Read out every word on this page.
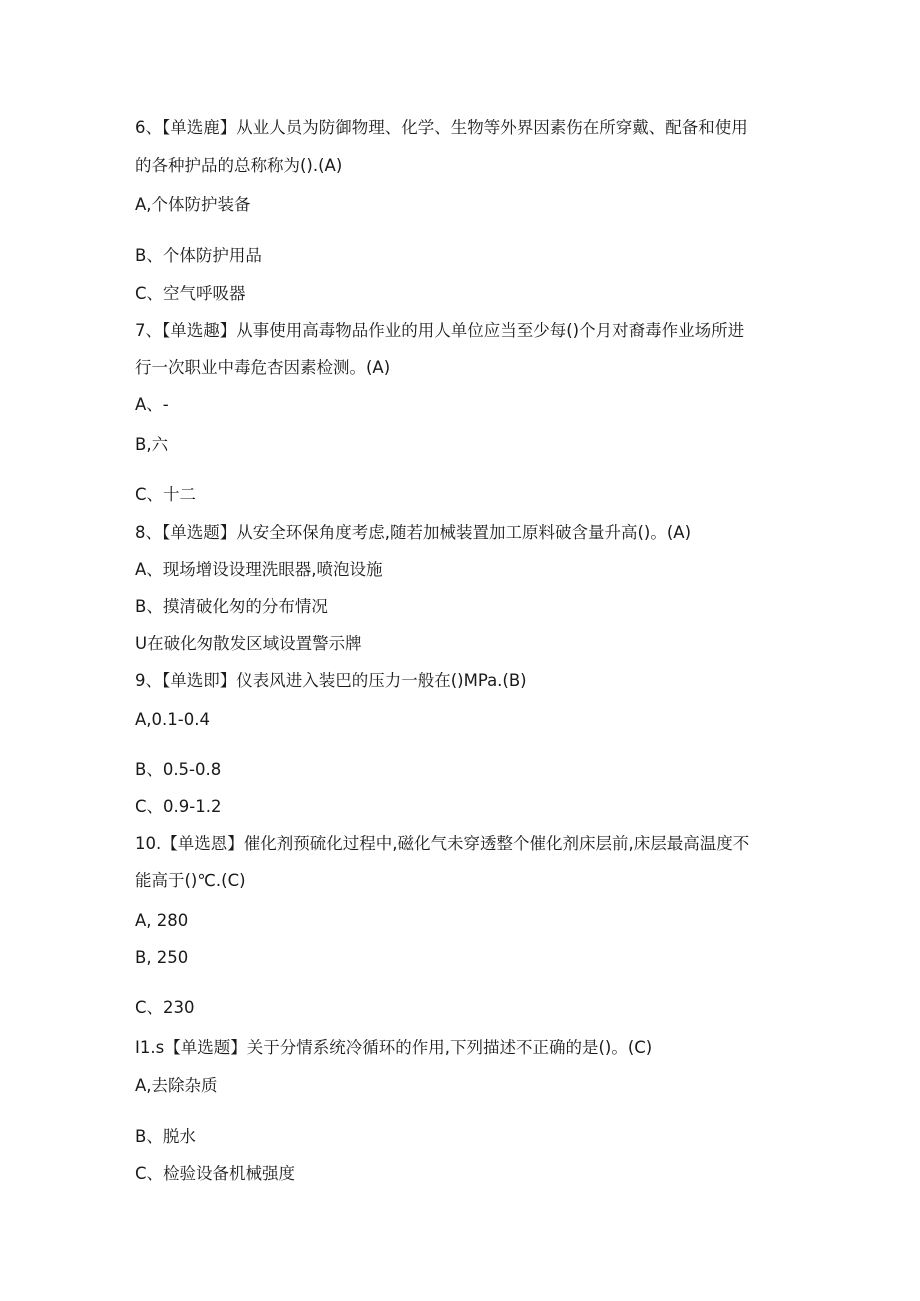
6、【单选鹿】从业人员为防御物理、化学、生物等外界因素伤在所穿戴、配备和使用
的各种护品的总称称为().(A)
A,个体防护装备
B、个体防护用品
C、空气呼吸器
7、【单选趣】从事使用高毒物品作业的用人单位应当至少每()个月对裔毒作业场所进
行一次职业中毒危杏因素检测。(A)
A、-
B,六
C、十二
8、【单选题】从安全环保角度考虑,随若加械装置加工原料破含量升高()。(A)
A、现场增设设理洗眼器,喷泡设施
B、摸清破化匆的分布情况
U在破化匆散发区域设置警示牌
9、【单选即】仪表风进入装巴的压力一般在()MPa.(B)
A,0.1-0.4
B、0.5-0.8
C、0.9-1.2
10.【单选恩】催化剂预硫化过程中,磁化气未穿透整个催化剂床层前,床层最高温度不
能高于()℃.(C)
A, 280
B, 250
C、230
I1.s【单选题】关于分情系统冷循环的作用,下列描述不正确的是()。(C)
A,去除杂质
B、脱水
C、检验设备机械强度
